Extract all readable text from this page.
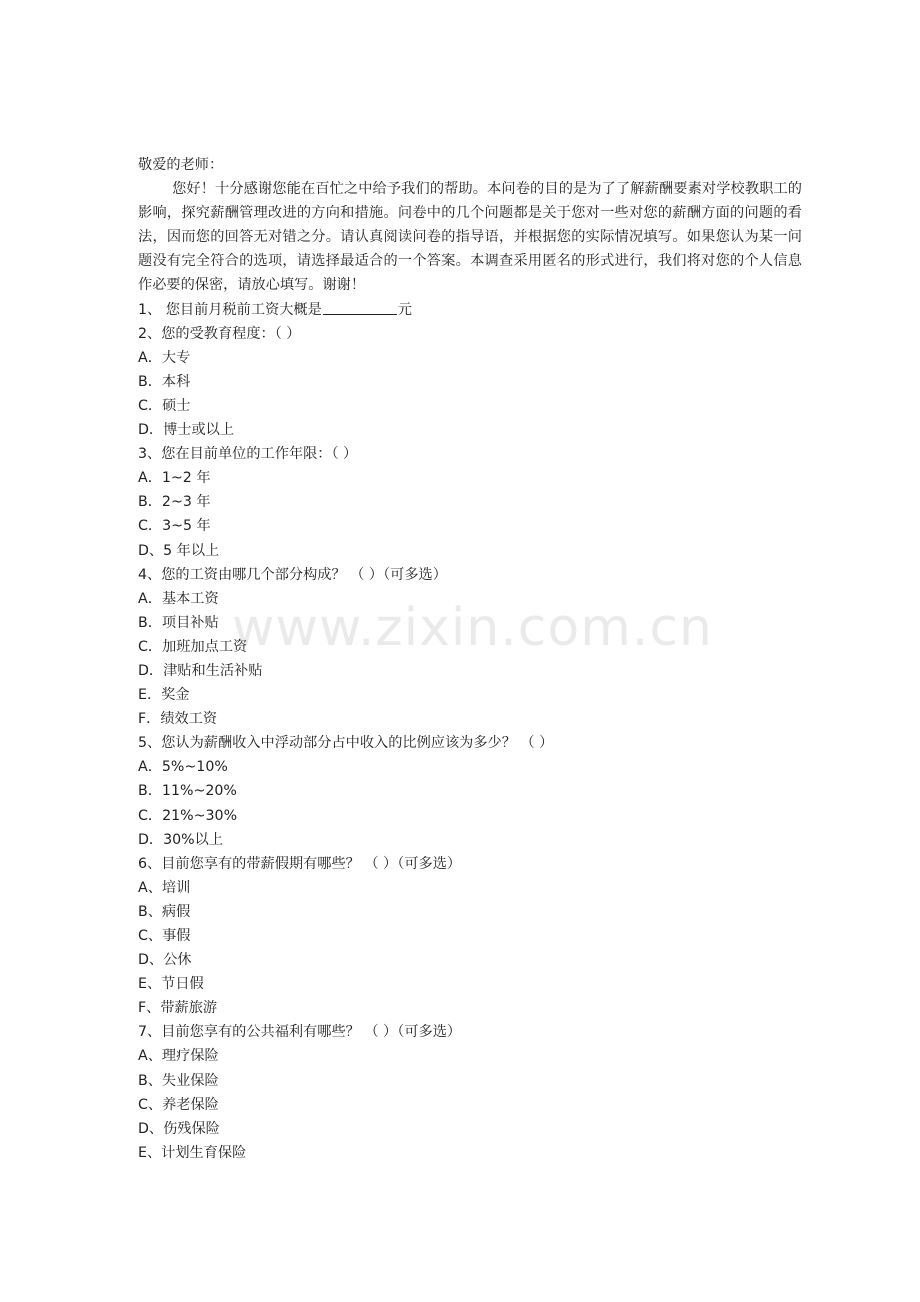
敬爱的老师：

您好！十分感谢您能在百忙之中给予我们的帮助。本问卷的目的是为了了解薪酬要素对学校教职工的影响，探究薪酬管理改进的方向和措施。问卷中的几个问题都是关于您对一些对您的薪酬方面的问题的看法，因而您的回答无对错之分。请认真阅读问卷的指导语，并根据您的实际情况填写。如果您认为某一问题没有完全符合的选项，请选择最适合的一个答案。本调查采用匿名的形式进行，我们将对您的个人信息作必要的保密，请放心填写。谢谢！

1、 您目前月税前工资大概是	元
2、您的受教育程度：（ ）
A．大专
B．本科
C．硕士
D．博士或以上
3、您在目前单位的工作年限：（ ）
A．1~2 年
B．2~3 年
C．3~5 年
D、5 年以上
4、您的工资由哪几个部分构成？ （ ）（可多选）
A．基本工资
B．项目补贴
C．加班加点工资
D．津贴和生活补贴
E．奖金
F．绩效工资
5、您认为薪酬收入中浮动部分占中收入的比例应该为多少？ （ ）
A．5%~10%
B．11%~20%
C．21%~30%
D．30%以上
6、目前您享有的带薪假期有哪些？ （ ）（可多选）
A、培训
B、病假
C、事假
D、公休
E、节日假
F、带薪旅游
7、目前您享有的公共福利有哪些？ （ ）（可多选）
A、理疗保险
B、失业保险
C、养老保险
D、伤残保险
E、计划生育保险
www.zixin.com.cn
